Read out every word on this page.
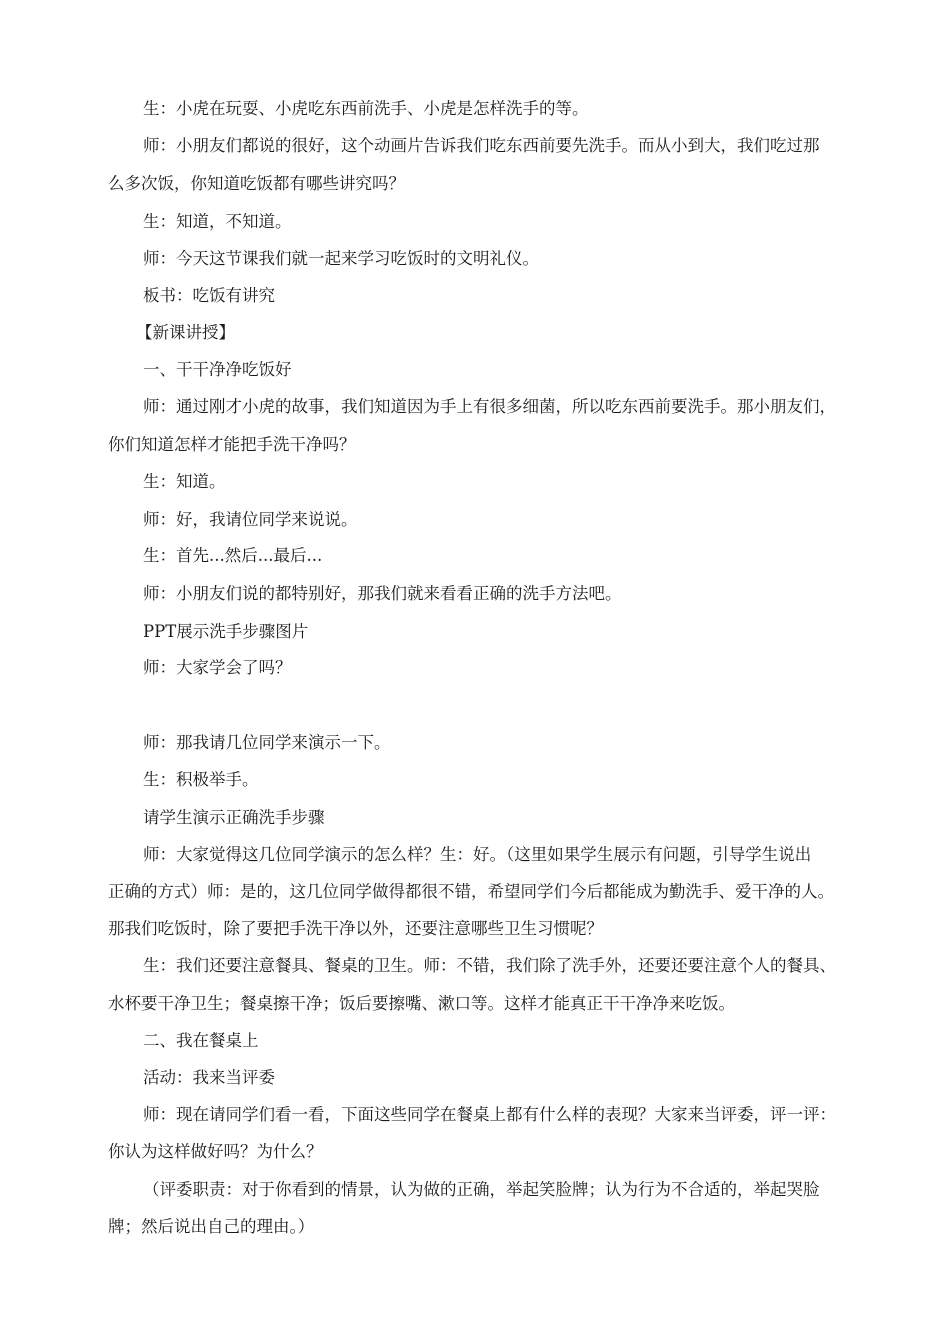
生：小虎在玩耍、小虎吃东西前洗手、小虎是怎样洗手的等。
师：小朋友们都说的很好，这个动画片告诉我们吃东西前要先洗手。而从小到大，我们吃过那
么多次饭，你知道吃饭都有哪些讲究吗？
生：知道，不知道。
师：今天这节课我们就一起来学习吃饭时的文明礼仪。
板书：吃饭有讲究
【新课讲授】
一、干干净净吃饭好
师：通过刚才小虎的故事，我们知道因为手上有很多细菌，所以吃东西前要洗手。那小朋友们，
你们知道怎样才能把手洗干净吗？
生：知道。
师：好，我请位同学来说说。
生：首先...然后...最后...
师：小朋友们说的都特别好，那我们就来看看正确的洗手方法吧。
PPT展示洗手步骤图片
师：大家学会了吗？
师：那我请几位同学来演示一下。
生：积极举手。
请学生演示正确洗手步骤
师：大家觉得这几位同学演示的怎么样？生：好。（这里如果学生展示有问题，引导学生说出
正确的方式）师：是的，这几位同学做得都很不错，希望同学们今后都能成为勤洗手、爱干净的人。
那我们吃饭时，除了要把手洗干净以外，还要注意哪些卫生习惯呢？
生：我们还要注意餐具、餐桌的卫生。师：不错，我们除了洗手外，还要还要注意个人的餐具、
水杯要干净卫生；餐桌擦干净；饭后要擦嘴、漱口等。这样才能真正干干净净来吃饭。
二、我在餐桌上
活动：我来当评委
师：现在请同学们看一看，下面这些同学在餐桌上都有什么样的表现？大家来当评委，评一评：
你认为这样做好吗？为什么？
（评委职责：对于你看到的情景，认为做的正确，举起笑脸牌；认为行为不合适的，举起哭脸
牌；然后说出自己的理由。）
